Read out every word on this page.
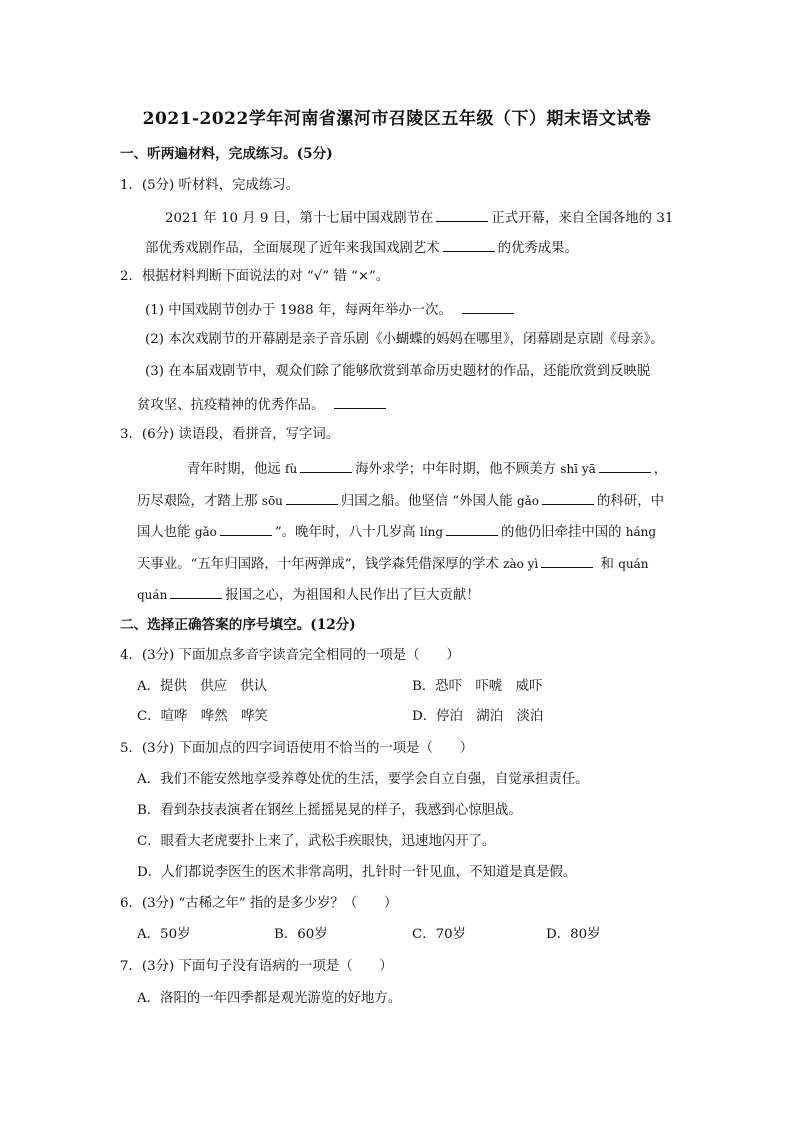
2021-2022学年河南省漯河市召陵区五年级（下）期末语文试卷
一、听两遍材料，完成练习。(5分)
1．(5分) 听材料，完成练习。
2021 年 10 月 9 日，第十七届中国戏剧节在	正式开幕，来自全国各地的 31
部优秀戏剧作品，全面展现了近年来我国戏剧艺术	的优秀成果。
2．根据材料判断下面说法的对 “√” 错 “×”。
(1) 中国戏剧节创办于 1988 年，每两年举办一次。
(2) 本次戏剧节的开幕剧是亲子音乐剧《小蝴蝶的妈妈在哪里》，闭幕剧是京剧《母亲》。
(3) 在本届戏剧节中，观众们除了能够欣赏到革命历史题材的作品，还能欣赏到反映脱
贫攻坚、抗疫精神的优秀作品。
3．(6分) 读语段，看拼音，写字词。
青年时期，他远 fù	海外求学；中年时期，他不顾美方 shī yā	，
历尽艰险，才踏上那 sōu	归国之船。他坚信 “外国人能 gǎo	的科研，中
国人也能 gǎo	”。晚年时，八十几岁高 líng	的他仍旧牵挂中国的 hánɡ
天事业。“五年归国路，十年两弹成”，钱学森凭借深厚的学术 zào yì	和 quán
quán	报国之心，为祖国和人民作出了巨大贡献！
二、选择正确答案的序号填空。(12分)
4．(3分) 下面加点多音字读音完全相同的一项是（　　）
A．提供　供应　供认	B．恐吓　吓唬　威吓
C．喧哗　哗然　哗笑	D．停泊　湖泊　淡泊
5．(3分) 下面加点的四字词语使用不恰当的一项是（　　）
A．我们不能安然地享受养尊处优的生活，要学会自立自强，自觉承担责任。
B．看到杂技表演者在钢丝上摇摇晃晃的样子，我感到心惊胆战。
C．眼看大老虎要扑上来了，武松手疾眼快，迅速地闪开了。
D．人们都说李医生的医术非常高明，扎针时一针见血，不知道是真是假。
6．(3分) “古稀之年” 指的是多少岁？（　　）
A．50岁	B．60岁	C．70岁	D．80岁
7．(3分) 下面句子没有语病的一项是（　　）
A．洛阳的一年四季都是观光游览的好地方。
